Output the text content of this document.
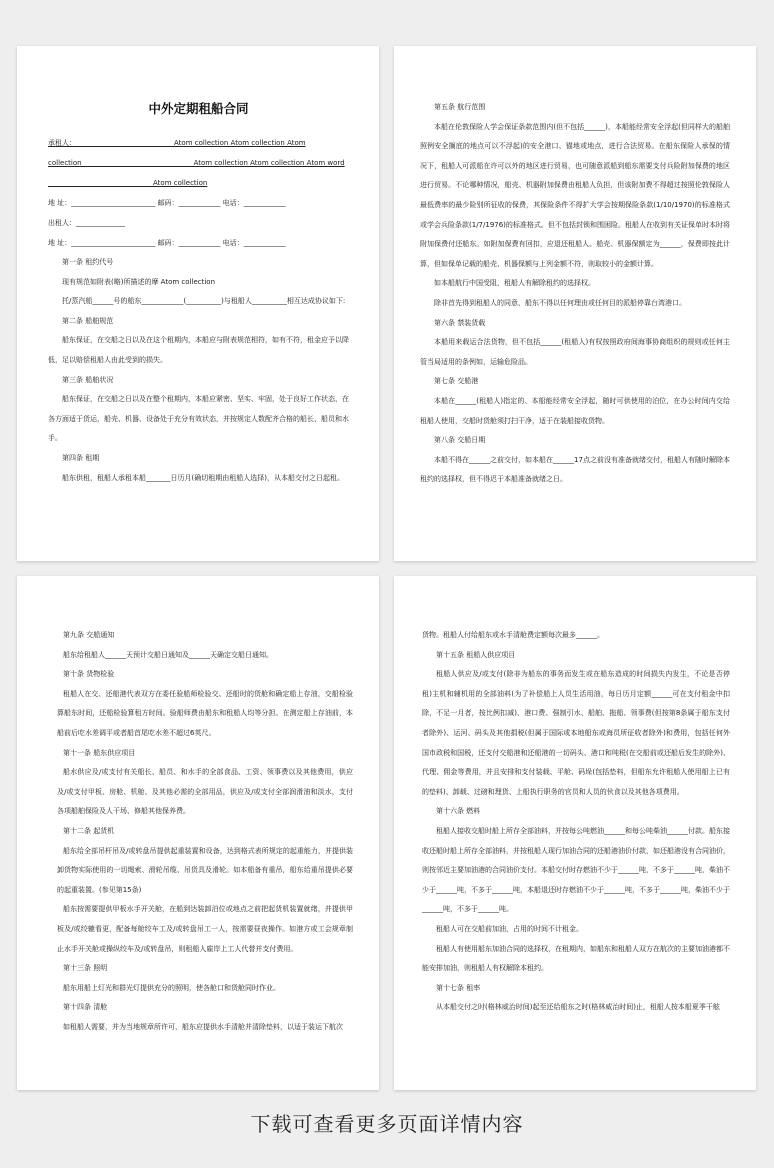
中外定期租船合同
承租人：____________________________Atom collection Atom collection Atom
collection________________________________Atom collection Atom collection Atom word
______________________________Atom collection
地 址：________________________ 邮码：____________ 电话：____________
出租人：______________
地 址：________________________ 邮码：____________ 电话：____________
第一条 租约代号
现有规范如附表(略)所描述的摩 Atom collection
托/蒸汽船______号的船东____________(__________)与租船人__________相互达成协议如下:
第二条 船舶规范
船东保证，在交船之日以及在这个租期内，本船应与附表规范相符，如有不符，租金应予以降低，足以赔偿租船人由此受到的损失。
第三条 船舶状况
船东保证，在交船之日以及在整个租期内，本船应紧密、坚实、牢固，处于良好工作状态，在各方面适于货运，船壳、机器、设备处于充分有效状态，并按规定人数配齐合格的船长、船员和水手。
第四条 租期
船东供租，租船人承租本船_______日历月(确切租期由租船人选择)，从本船交付之日起租。
第五条 航行范围
本船在伦敦保险人学会保证条款范围内(但不包括______)，本船能经常安全浮起(但同样大的船舶照例安全搁底的地点可以不浮起)的安全港口、锚地或地点，进行合法贸易。在船东保险人承保的情况下，租船人可派船在许可以外的地区进行贸易，也可随意派船到船东需要支付兵险附加保费的地区进行贸易。不论哪种情况，船壳、机器附加保费由租船人负担，但该附加费不得超过按照伦敦保险人最低费率的最少险别所征收的保费，其保险条件不得扩大学会按期保险条款(1/10/1970)的标准格式或学会兵险条款(1/7/1976)的标准格式。但不包括封锁和围困险。租船人在收到有关证保单时本时将附加保费付还船东。如附加保费有回扣，应退还租船人。船壳、机器保额定为______，保费即按此计算，但如保单记载的船壳、机器保额与上列金额不符，则取较小的金额计算。
如本船航行中国受阻，租船人有解除租约的选择权。
除非首先得到租船人的同意，船东不得以任何理由或任何目的派船停靠台湾港口。
第六条 禁装货载
本船用来载运合法货物，但不包括______(租船人)有权按照政府间海事协商组织的规则或任何主管当局适用的条例如，运输危险品。
第七条 交船港
本船在______(租船人)指定的、本船能经常安全浮起，随时可供使用的泊位，在办公时间内交给租船人使用，交船时货舱须打扫干净，适于在装船接收货物。
第八条 交船日期
本船不得在______之前交付，如本船在______17点之前没有准备就绪交付，租船人有随时解除本租约的选择权，但不得迟于本船准备就绪之日。
第九条 交船通知
船东给租船人______天预计交船日通知及______天确定交船日通知。
第十条 货物检验
租船人在交、还船港代表双方在委任验船师检验交、还船时的货舱和确定船上存油，交船检验算船东时间，还船检验算租方时间。验船师费由船东和租船人均等分担。在测定船上存油前，本船前后吃水差调平或者船首尾吃水差不超过6英尺。
第十一条 船东供应项目
船水供应及/或支付有关船长、船员、和水手的全部食品、工资、领事费以及其他费用，供应及/或支付甲板、房舱、机舱、及其他必需的全部用品，供应及/或支付全部润滑油和淡水，支付各项船舶保险及人干场、修船其他保养费。
第十二条 起货机
船东给全部吊杆吊及/或转盘吊提供起重装置和设备，达到格式表所规定的起重能力，并提供装卸货物实际使用的一切绳索、滑轮吊缆、吊货具及滑轮。如本船备有重吊，船东给重吊提供必要的起重装置。(参见第15条)
船东按需要提供甲板水手开关舱，在船到达装卸泊位或地点之前把起货机装置就绪，并提供甲板及/或绞辘看更，配备每舱绞车工及/或转盘吊工一人，按需要昼夜操作。如港方或工会规章制止水手开关舱或操纵绞车及/或转盘吊，则租船人雇岸上工人代替并支付费用。
第十三条 照明
船东用船上灯光和群光灯提供充分的照明，使各舱口和货舱同时作业。
第十四条 清舱
如租船人需要，并为当地规章所许可，船东应提供水手清舱并清除垫料，以适于装运下航次
货物。租船人付给船东或水手清舱费定额每次最多______。
第十五条 租船人供应项目
租船人供应及/或支付(除非为船东的事务而发生或在船东造成的时间损失内发生，不论是否停租)主机和辅机用的全部油料(为了补偿船上人员生活用油，每日历月定额______可在支付租金中扣除，不足一月者，按比例扣减)、港口费、强制引水、船舶、拖船、领事费(但按第8条属于船东支付者除外)、运河、码头及其他捐税(但属于国际或本地船东或海员所征收者除外)和费用，包括任何外国市政税和国税，还支付交船港和还船港的一切码头、港口和吨税(在交船前或还船后发生的除外)、代理、佣金等费用，并且安排和支付装载、平舱、码垛(包括垫料，但船东允许租船人使用船上已有的垫料)、卸载、过磅和理货、上船执行职务的官员和人员的伙食以及其他各项费用。
第十六条 燃料
租船人接收交船时船上所存全部油料，并按每公吨燃油______和每公吨柴油______付款。船东接收还船时船上所存全部油料，并按租船人现行加油合同的还船港油价付款，如还船港没有合同油价，则按邻近主要加油港的合同油价支付。本船交付时存燃油不少于______吨，不多于______吨，柴油不少于______吨，不多于______吨，本船退还时存燃油不少于______吨，不多于______吨，柴油不少于______吨，不多于______吨。
租船人可在交船前加油，占用的时间不计租金。
租船人有使用船东加油合同的选择权，在租期内，如船东和租船人双方在航次的主要加油港都不能安排加油，则租船人有权解除本租约。
第十七条 租率
从本船交付之时(格林威治时间)起至还给船东之时(格林威治时间)止，租船人按本船夏季干舷
下载可查看更多页面详情内容
